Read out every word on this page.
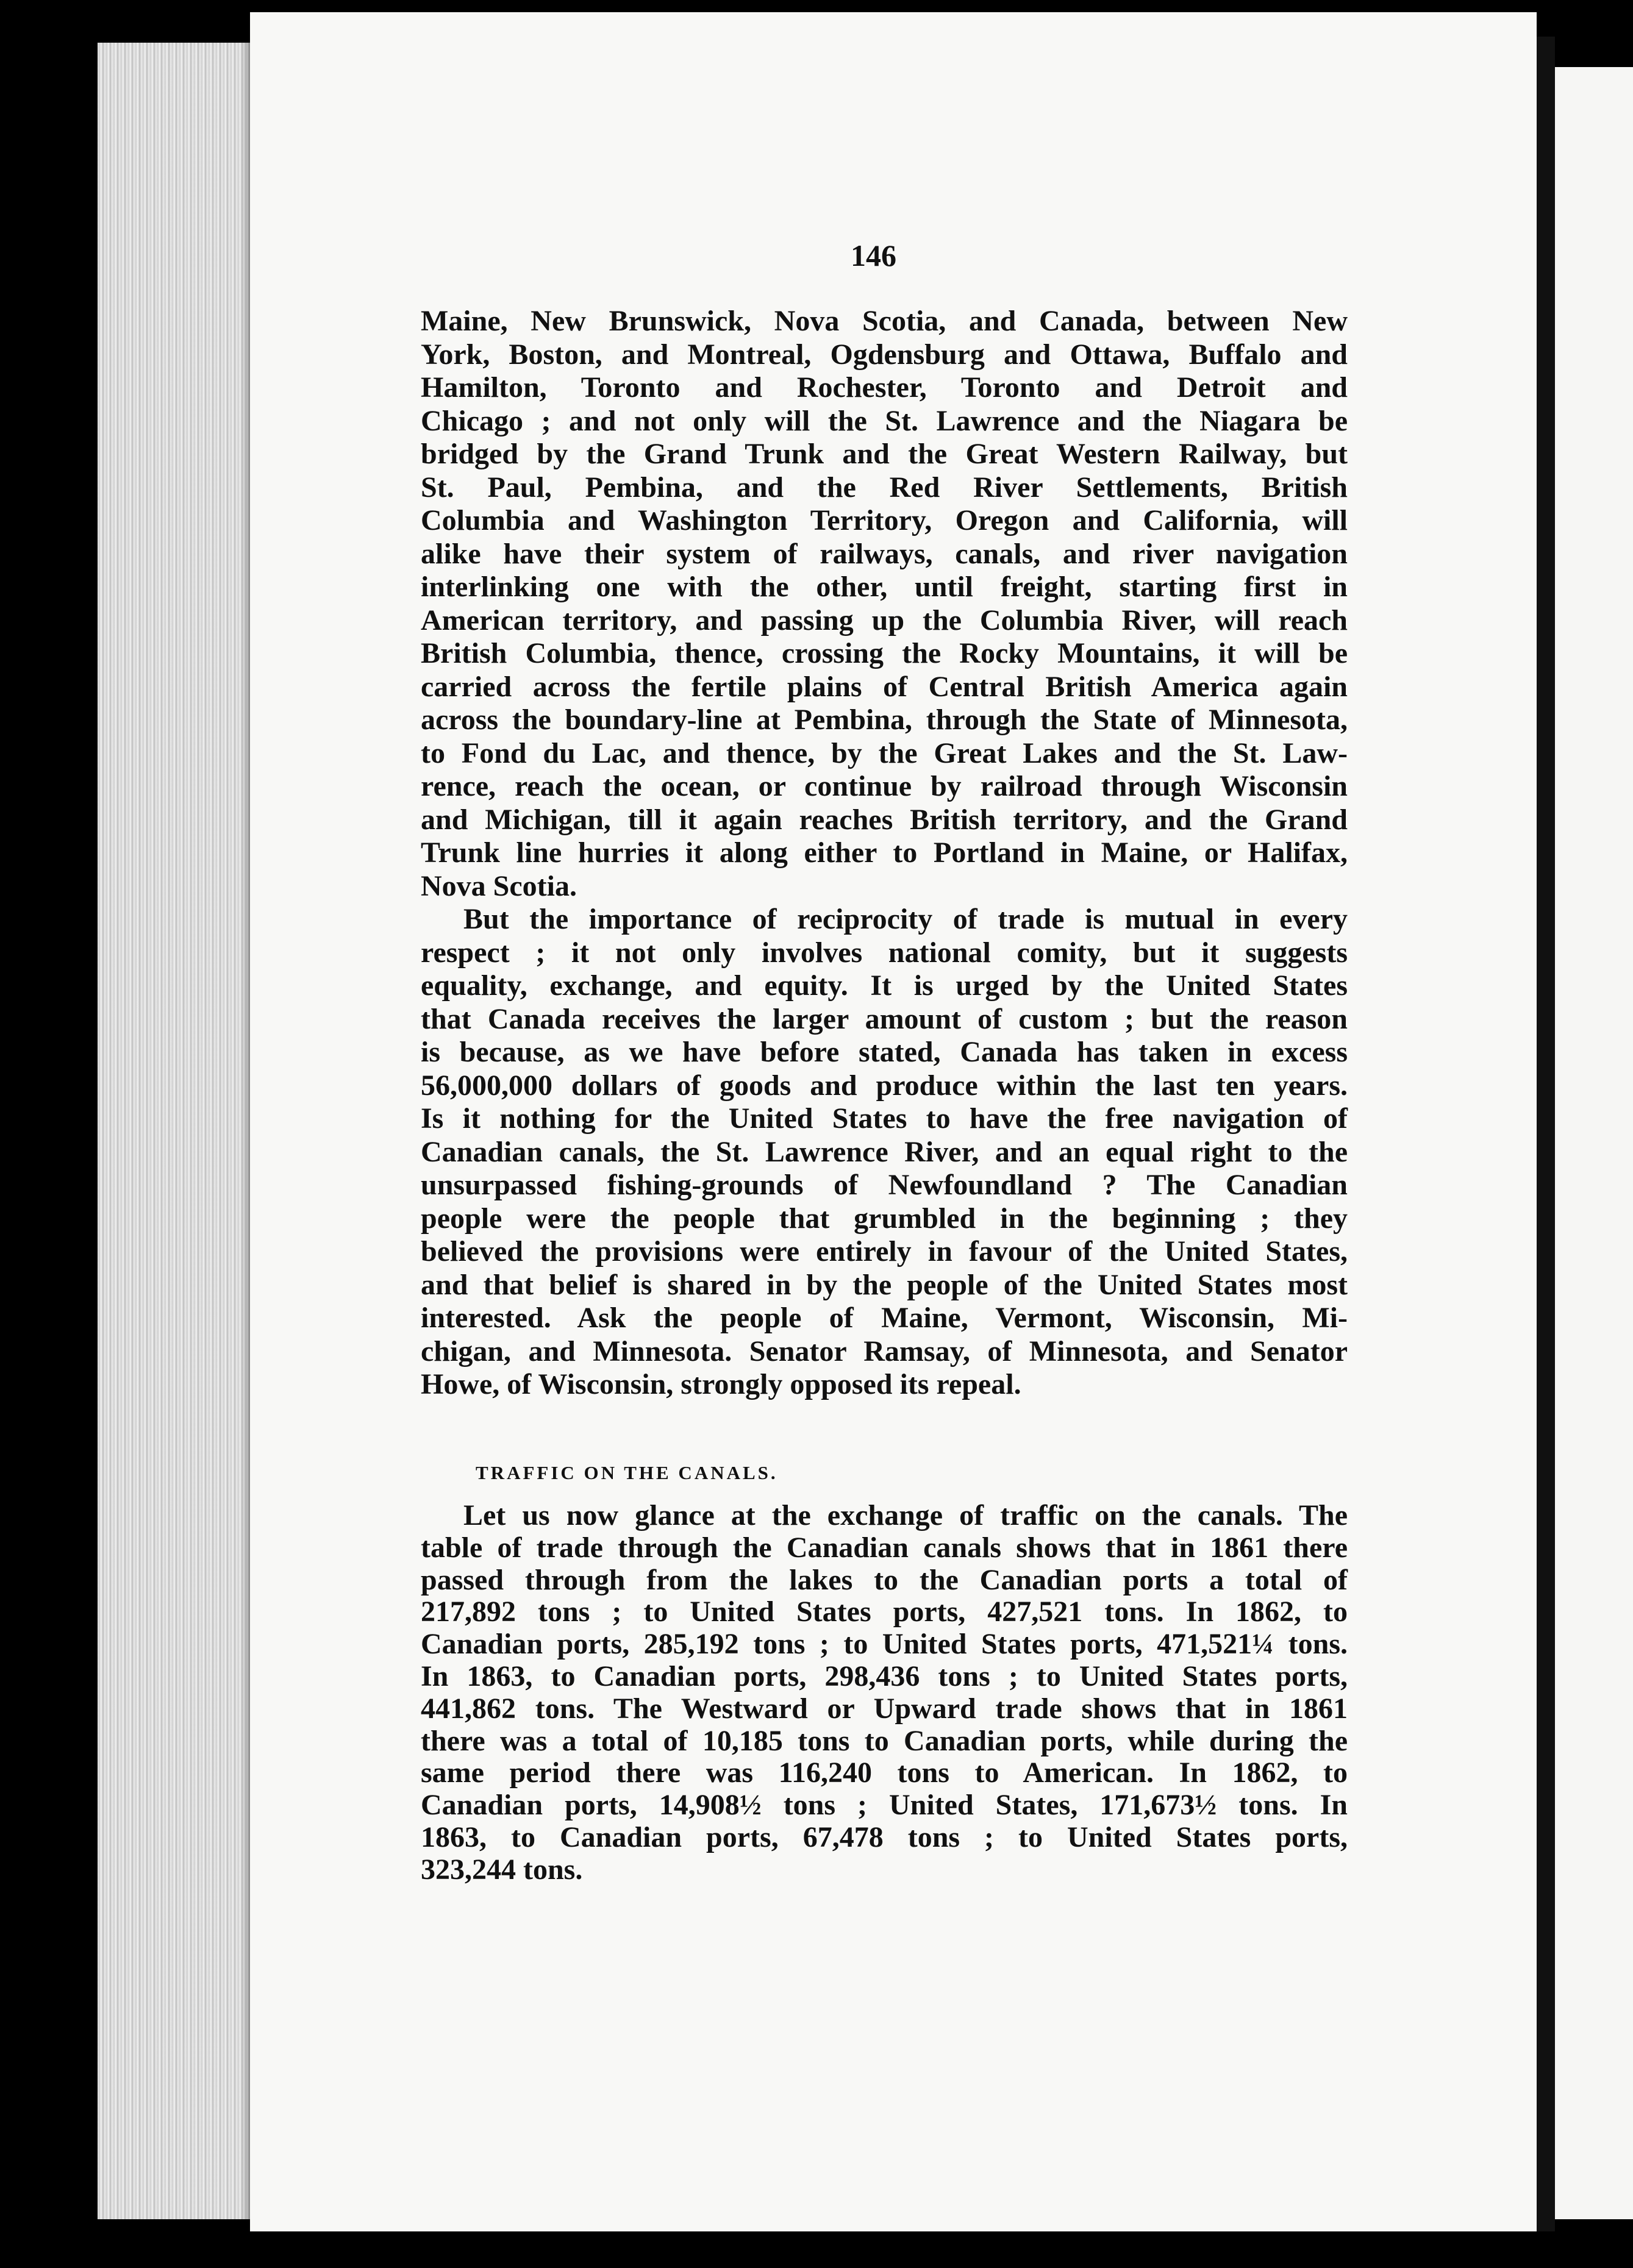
146
Maine, New Brunswick, Nova Scotia, and Canada, between New
York, Boston, and Montreal, Ogdensburg and Ottawa, Buffalo and
Hamilton, Toronto and Rochester, Toronto and Detroit and
Chicago ; and not only will the St. Lawrence and the Niagara be
bridged by the Grand Trunk and the Great Western Railway, but
St. Paul, Pembina, and the Red River Settlements, British
Columbia and Washington Territory, Oregon and California, will
alike have their system of railways, canals, and river navigation
interlinking one with the other, until freight, starting first in
American territory, and passing up the Columbia River, will reach
British Columbia, thence, crossing the Rocky Mountains, it will be
carried across the fertile plains of Central British America again
across the boundary-line at Pembina, through the State of Minnesota,
to Fond du Lac, and thence, by the Great Lakes and the St. Law-
rence, reach the ocean, or continue by railroad through Wisconsin
and Michigan, till it again reaches British territory, and the Grand
Trunk line hurries it along either to Portland in Maine, or Halifax,
Nova Scotia.
But the importance of reciprocity of trade is mutual in every
respect ; it not only involves national comity, but it suggests
equality, exchange, and equity. It is urged by the United States
that Canada receives the larger amount of custom ; but the reason
is because, as we have before stated, Canada has taken in excess
56,000,000 dollars of goods and produce within the last ten years.
Is it nothing for the United States to have the free navigation of
Canadian canals, the St. Lawrence River, and an equal right to the
unsurpassed fishing-grounds of Newfoundland ? The Canadian
people were the people that grumbled in the beginning ; they
believed the provisions were entirely in favour of the United States,
and that belief is shared in by the people of the United States most
interested. Ask the people of Maine, Vermont, Wisconsin, Mi-
chigan, and Minnesota. Senator Ramsay, of Minnesota, and Senator
Howe, of Wisconsin, strongly opposed its repeal.
TRAFFIC ON THE CANALS.
Let us now glance at the exchange of traffic on the canals. The
table of trade through the Canadian canals shows that in 1861 there
passed through from the lakes to the Canadian ports a total of
217,892 tons ; to United States ports, 427,521 tons. In 1862, to
Canadian ports, 285,192 tons ; to United States ports, 471,521¼ tons.
In 1863, to Canadian ports, 298,436 tons ; to United States ports,
441,862 tons. The Westward or Upward trade shows that in 1861
there was a total of 10,185 tons to Canadian ports, while during the
same period there was 116,240 tons to American. In 1862, to
Canadian ports, 14,908½ tons ; United States, 171,673½ tons. In
1863, to Canadian ports, 67,478 tons ; to United States ports,
323,244 tons.
